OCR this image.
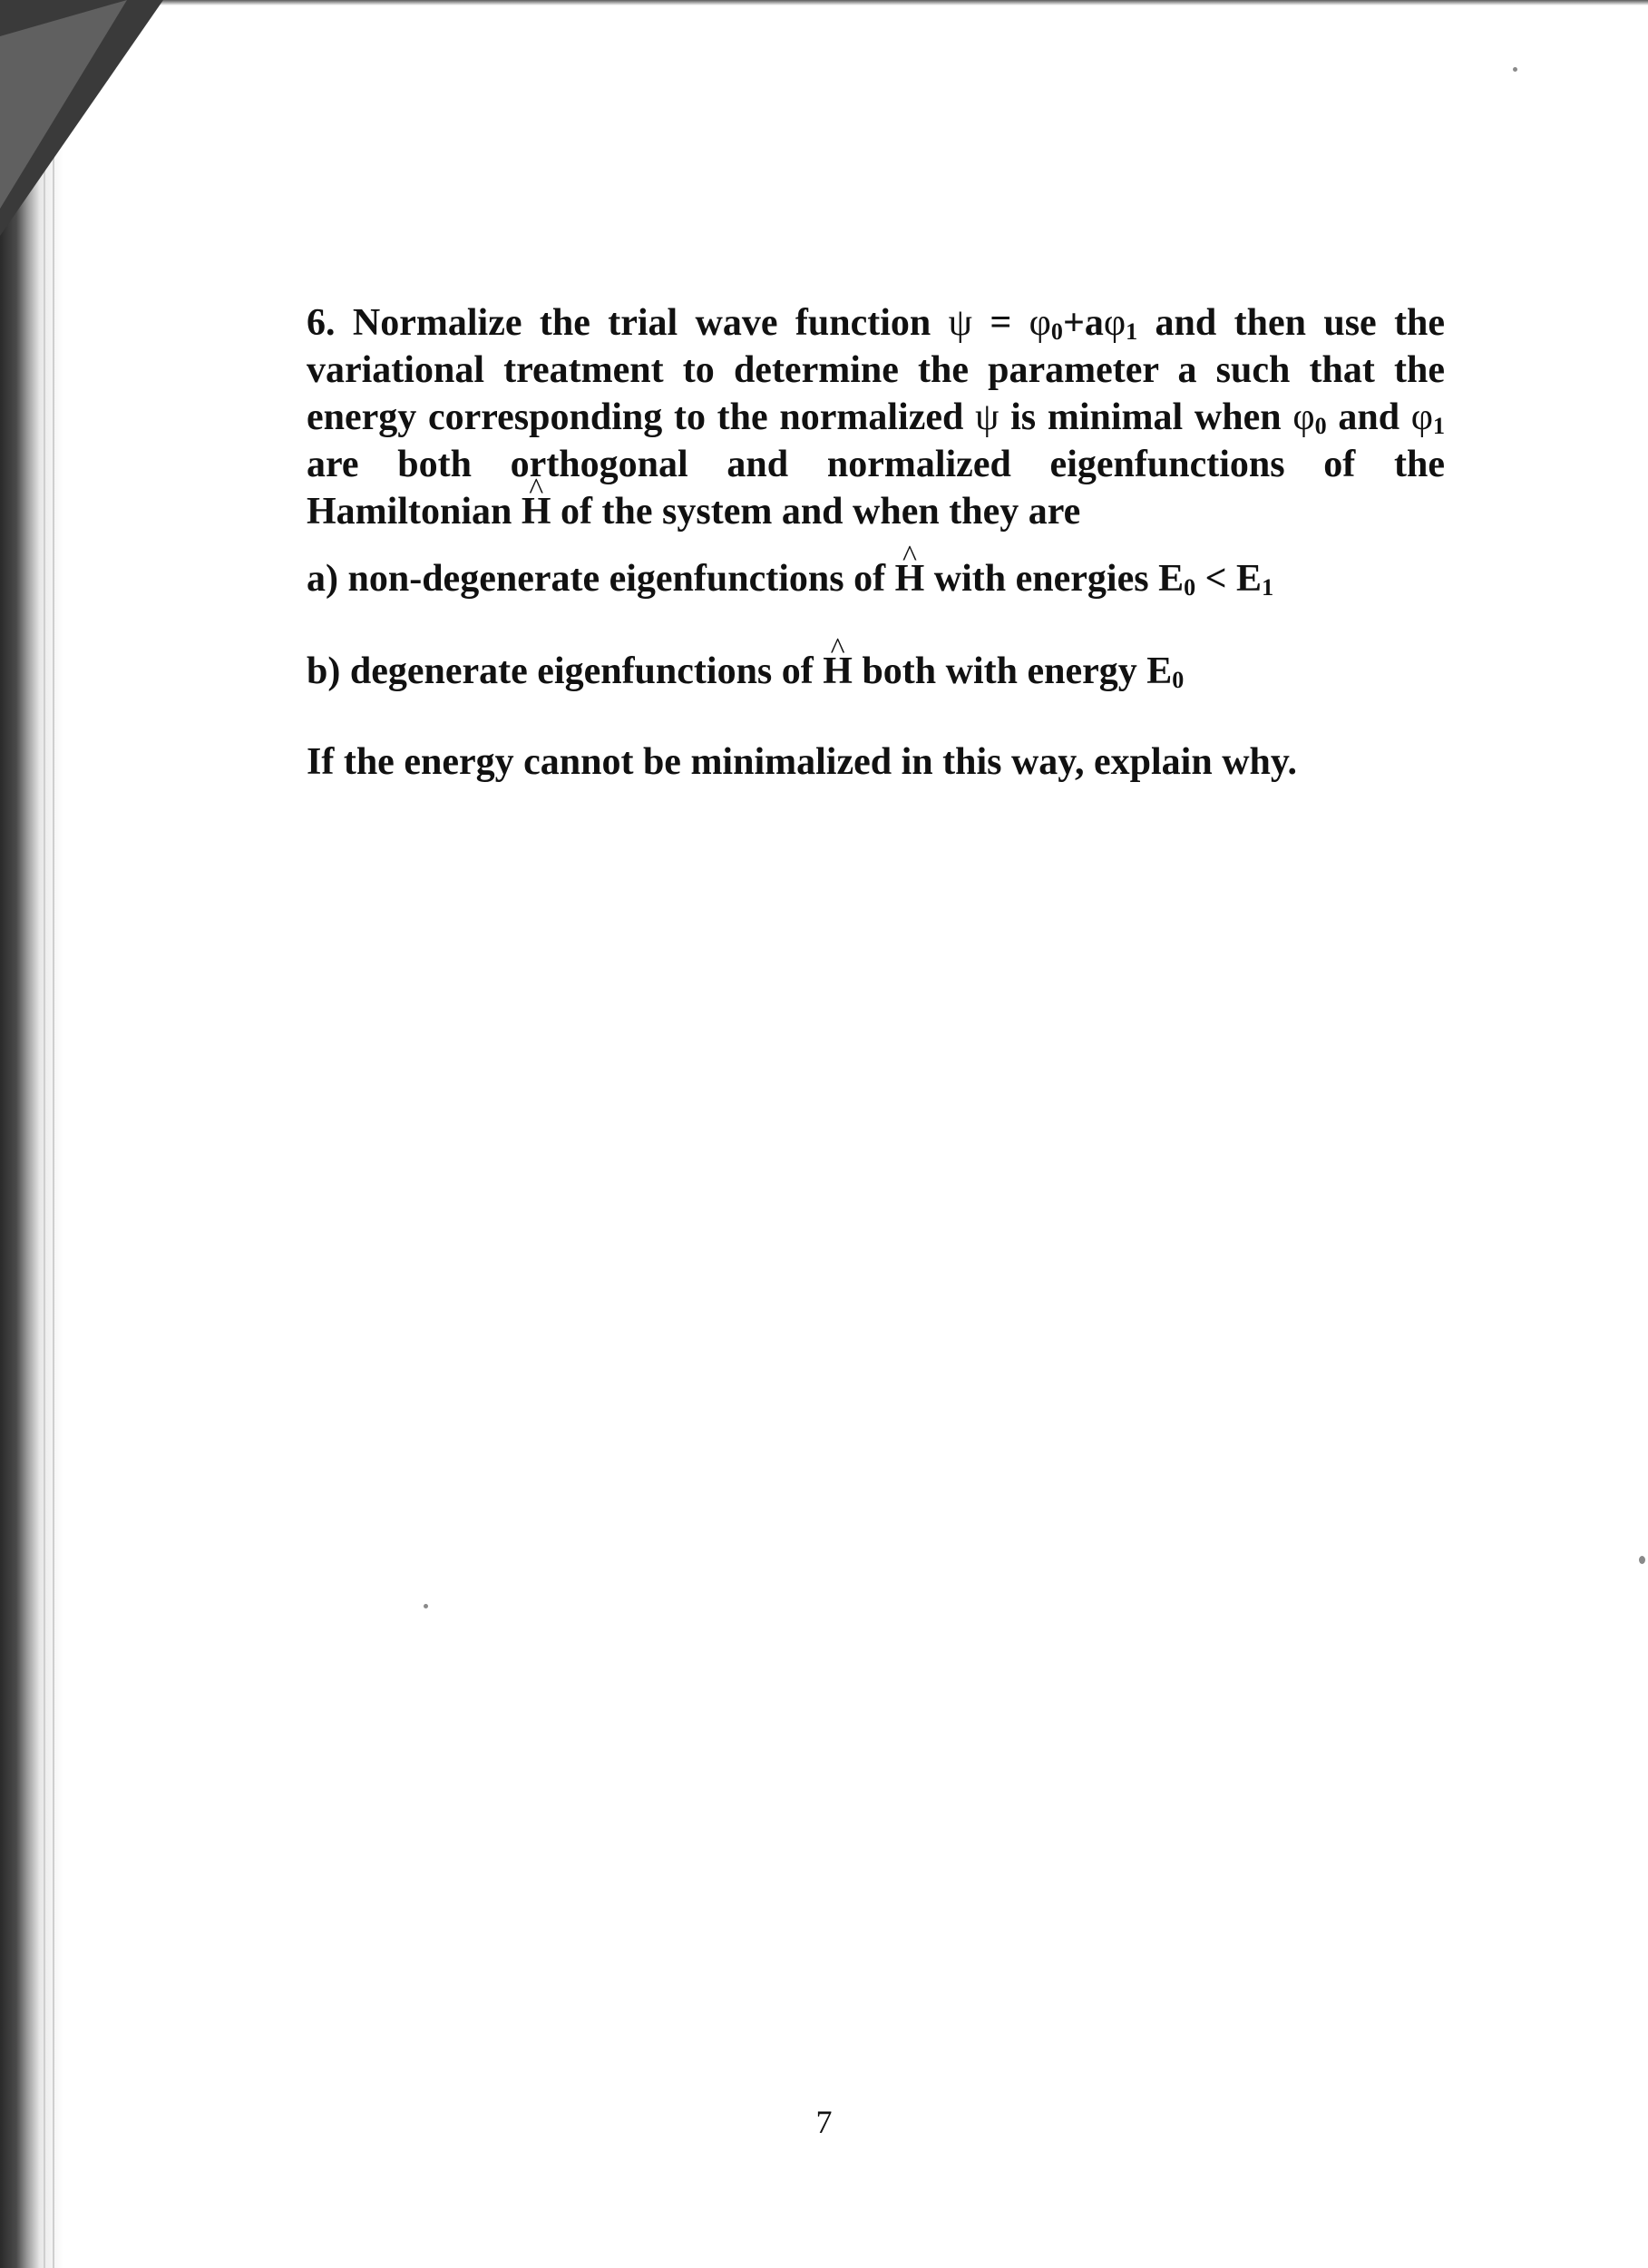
6. Normalize the trial wave function $\psi = \varphi_0+a\varphi_1$ and then use the variational treatment to determine the parameter a such that the energy corresponding to the normalized ψ is minimal when $\varphi_0$ and $\varphi_1$ are both orthogonal and normalized eigenfunctions of the Hamiltonian ^ H of the system and when they are

a) non-degenerate eigenfunctions of ^ H with energies $E_0 < E_1$

b) degenerate eigenfunctions of ^ H both with energy $E_0$

If the energy cannot be minimalized in this way, explain why.

7
